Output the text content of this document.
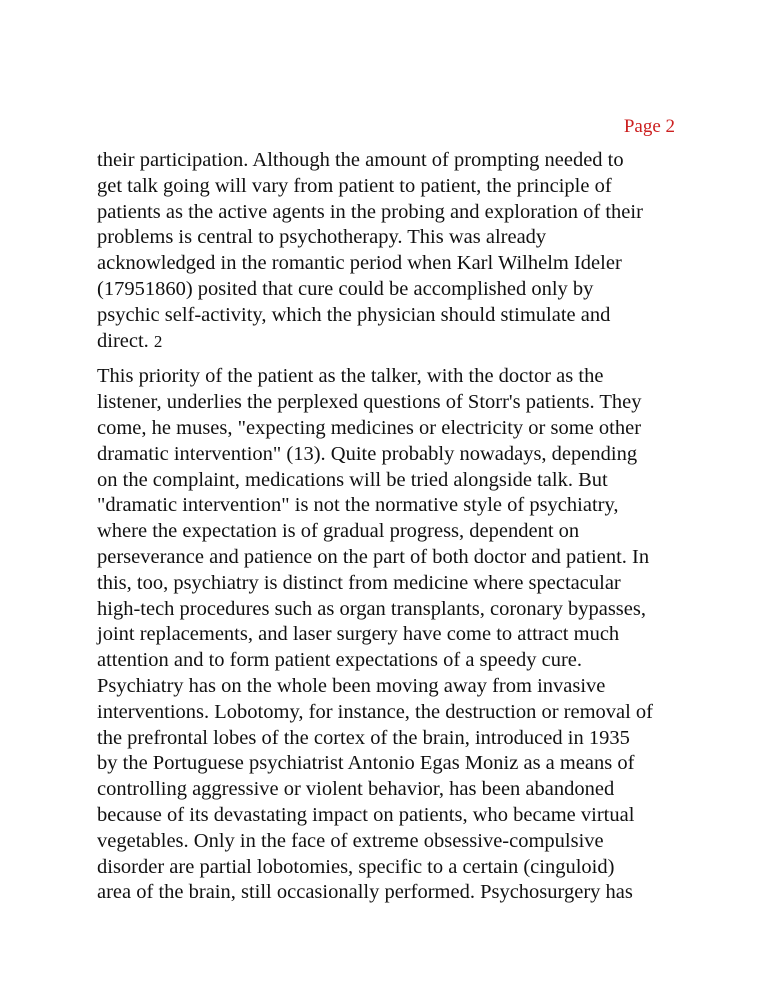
Page 2

their participation. Although the amount of prompting needed to
get talk going will vary from patient to patient, the principle of
patients as the active agents in the probing and exploration of their
problems is central to psychotherapy. This was already
acknowledged in the romantic period when Karl Wilhelm Ideler
(17951860) posited that cure could be accomplished only by
psychic self-activity, which the physician should stimulate and
direct. 2

This priority of the patient as the talker, with the doctor as the
listener, underlies the perplexed questions of Storr's patients. They
come, he muses, "expecting medicines or electricity or some other
dramatic intervention" (13). Quite probably nowadays, depending
on the complaint, medications will be tried alongside talk. But
"dramatic intervention" is not the normative style of psychiatry,
where the expectation is of gradual progress, dependent on
perseverance and patience on the part of both doctor and patient. In
this, too, psychiatry is distinct from medicine where spectacular
high-tech procedures such as organ transplants, coronary bypasses,
joint replacements, and laser surgery have come to attract much
attention and to form patient expectations of a speedy cure.
Psychiatry has on the whole been moving away from invasive
interventions. Lobotomy, for instance, the destruction or removal of
the prefrontal lobes of the cortex of the brain, introduced in 1935
by the Portuguese psychiatrist Antonio Egas Moniz as a means of
controlling aggressive or violent behavior, has been abandoned
because of its devastating impact on patients, who became virtual
vegetables. Only in the face of extreme obsessive-compulsive
disorder are partial lobotomies, specific to a certain (cinguloid)
area of the brain, still occasionally performed. Psychosurgery has
